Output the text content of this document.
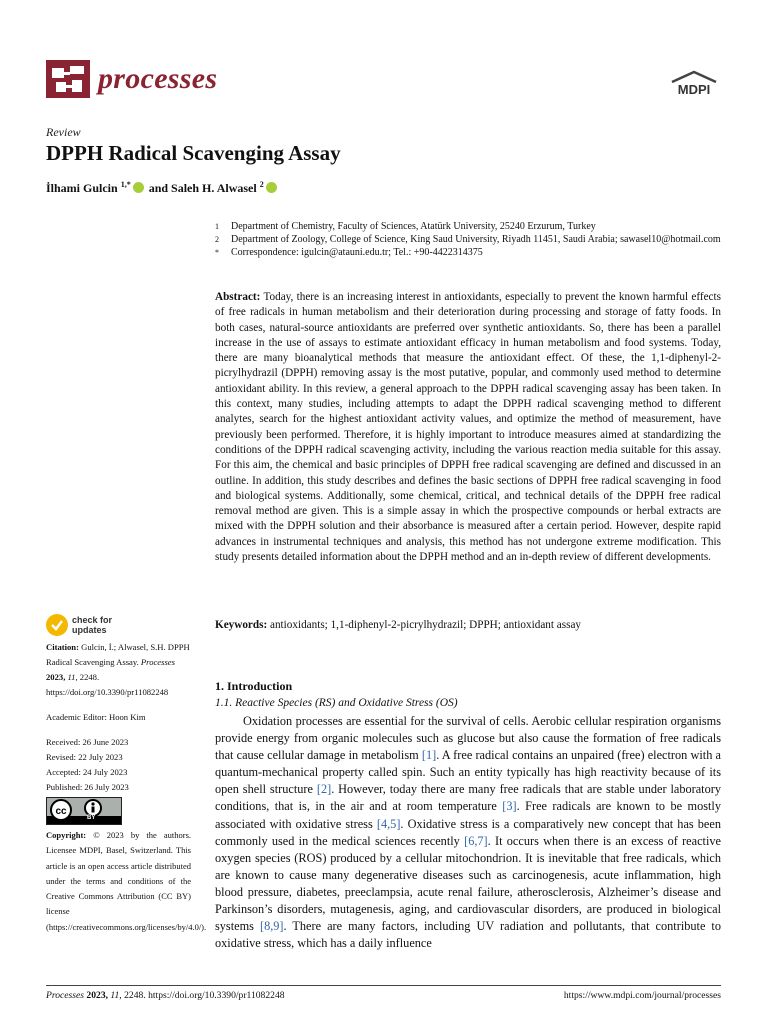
processes	MDPI
Review
DPPH Radical Scavenging Assay
İlhami Gulcin $^{1,*}$ and Saleh H. Alwasel $^2$
1	Department of Chemistry, Faculty of Sciences, Atatürk University, 25240 Erzurum, Turkey
2	Department of Zoology, College of Science, King Saud University, Riyadh 11451, Saudi Arabia; sawasel10@hotmail.com
*	Correspondence: igulcin@atauni.edu.tr; Tel.: +90-4422314375
Abstract: Today, there is an increasing interest in antioxidants, especially to prevent the known harmful effects of free radicals in human metabolism and their deterioration during processing and storage of fatty foods. In both cases, natural-source antioxidants are preferred over synthetic antioxidants. So, there has been a parallel increase in the use of assays to estimate antioxidant efficacy in human metabolism and food systems. Today, there are many bioanalytical methods that measure the antioxidant effect. Of these, the 1,1-diphenyl-2-picrylhydrazil (DPPH) removing assay is the most putative, popular, and commonly used method to determine antioxidant ability. In this review, a general approach to the DPPH radical scavenging assay has been taken. In this context, many studies, including attempts to adapt the DPPH radical scavenging method to different analytes, search for the highest antioxidant activity values, and optimize the method of measurement, have previously been performed. Therefore, it is highly important to introduce measures aimed at standardizing the conditions of the DPPH radical scavenging activity, including the various reaction media suitable for this assay. For this aim, the chemical and basic principles of DPPH free radical scavenging are defined and discussed in an outline. In addition, this study describes and defines the basic sections of DPPH free radical scavenging in food and biological systems. Additionally, some chemical, critical, and technical details of the DPPH free radical removal method are given. This is a simple assay in which the prospective compounds or herbal extracts are mixed with the DPPH solution and their absorbance is measured after a certain period. However, despite rapid advances in instrumental techniques and analysis, this method has not undergone extreme modification. This study presents detailed information about the DPPH method and an in-depth review of different developments.
Keywords: antioxidants; 1,1-diphenyl-2-picrylhydrazil; DPPH; antioxidant assay
check for
updates

Citation: Gulcin, İ.; Alwasel, S.H. DPPH Radical Scavenging Assay. Processes 2023, 11, 2248. https://doi.org/10.3390/pr11082248

Academic Editor: Hoon Kim

Received: 26 June 2023

Revised: 22 July 2023

Accepted: 24 July 2023

Published: 26 July 2023

cc
BY
Copyright: © 2023 by the authors. Licensee MDPI, Basel, Switzerland. This article is an open access article distributed under the terms and conditions of the Creative Commons Attribution (CC BY) license (https://creativecommons.org/licenses/by/4.0/).
1. Introduction
1.1. Reactive Species (RS) and Oxidative Stress (OS)
Oxidation processes are essential for the survival of cells. Aerobic cellular respiration organisms provide energy from organic molecules such as glucose but also cause the formation of free radicals that cause cellular damage in metabolism [1]. A free radical contains an unpaired (free) electron with a quantum-mechanical property called spin. Such an entity typically has high reactivity because of its open shell structure [2]. However, today there are many free radicals that are stable under laboratory conditions, that is, in the air and at room temperature [3]. Free radicals are known to be mostly associated with oxidative stress [4,5]. Oxidative stress is a comparatively new concept that has been commonly used in the medical sciences recently [6,7]. It occurs when there is an excess of reactive oxygen species (ROS) produced by a cellular mitochondrion. It is inevitable that free radicals, which are known to cause many degenerative diseases such as carcinogenesis, acute inflammation, high blood pressure, diabetes, preeclampsia, acute renal failure, atherosclerosis, Alzheimer’s disease and Parkinson’s disorders, mutagenesis, aging, and cardiovascular disorders, are produced in biological systems [8,9]. There are many factors, including UV radiation and pollutants, that contribute to oxidative stress, which has a daily influence
Processes 2023, 11, 2248. https://doi.org/10.3390/pr11082248	https://www.mdpi.com/journal/processes
